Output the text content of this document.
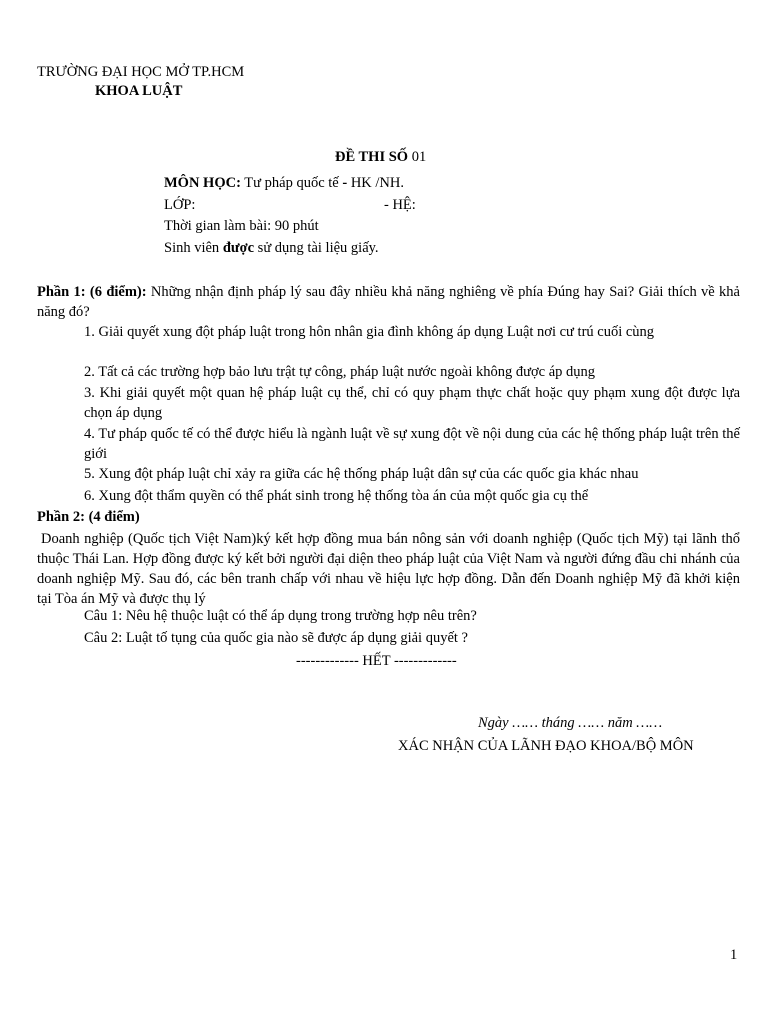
TRƯỜNG ĐẠI HỌC MỞ TP.HCM
KHOA LUẬT
ĐỀ THI SỐ 01
MÔN HỌC: Tư pháp quốc tế - HK /NH.
LỚP:	- HỆ:
Thời gian làm bài: 90 phút
Sinh viên được sử dụng tài liệu giấy.
Phần 1: (6 điểm): Những nhận định pháp lý sau đây nhiều khả năng nghiêng về phía Đúng hay Sai? Giải thích về khả năng đó?
1. Giải quyết xung đột pháp luật trong hôn nhân gia đình không áp dụng Luật nơi cư trú cuối cùng
2. Tất cả các trường hợp bảo lưu trật tự công, pháp luật nước ngoài không được áp dụng
3. Khi giải quyết một quan hệ pháp luật cụ thể, chỉ có quy phạm thực chất hoặc quy phạm xung đột được lựa chọn áp dụng
4. Tư pháp quốc tế có thể được hiểu là ngành luật về sự xung đột về nội dung của các hệ thống pháp luật trên thế giới
5. Xung đột pháp luật chỉ xảy ra giữa các hệ thống pháp luật dân sự của các quốc gia khác nhau
6. Xung đột thẩm quyền có thể phát sinh trong hệ thống tòa án của một quốc gia cụ thể
Phần 2: (4 điểm)
Doanh nghiệp (Quốc tịch Việt Nam)ký kết hợp đồng mua bán nông sản với doanh nghiệp (Quốc tịch Mỹ) tại lãnh thổ thuộc Thái Lan. Hợp đồng được ký kết bởi người đại diện theo pháp luật của Việt Nam và người đứng đầu chi nhánh của doanh nghiệp Mỹ. Sau đó, các bên tranh chấp với nhau về hiệu lực hợp đồng. Dẫn đến Doanh nghiệp Mỹ đã khởi kiện tại Tòa án Mỹ và được thụ lý
Câu 1: Nêu hệ thuộc luật có thể áp dụng trong trường hợp nêu trên?
Câu 2: Luật tố tụng của quốc gia nào sẽ được áp dụng giải quyết ?
------------- HẾT -------------
Ngày …… tháng …… năm ……
XÁC NHẬN CỦA LÃNH ĐẠO KHOA/BỘ MÔN
1
